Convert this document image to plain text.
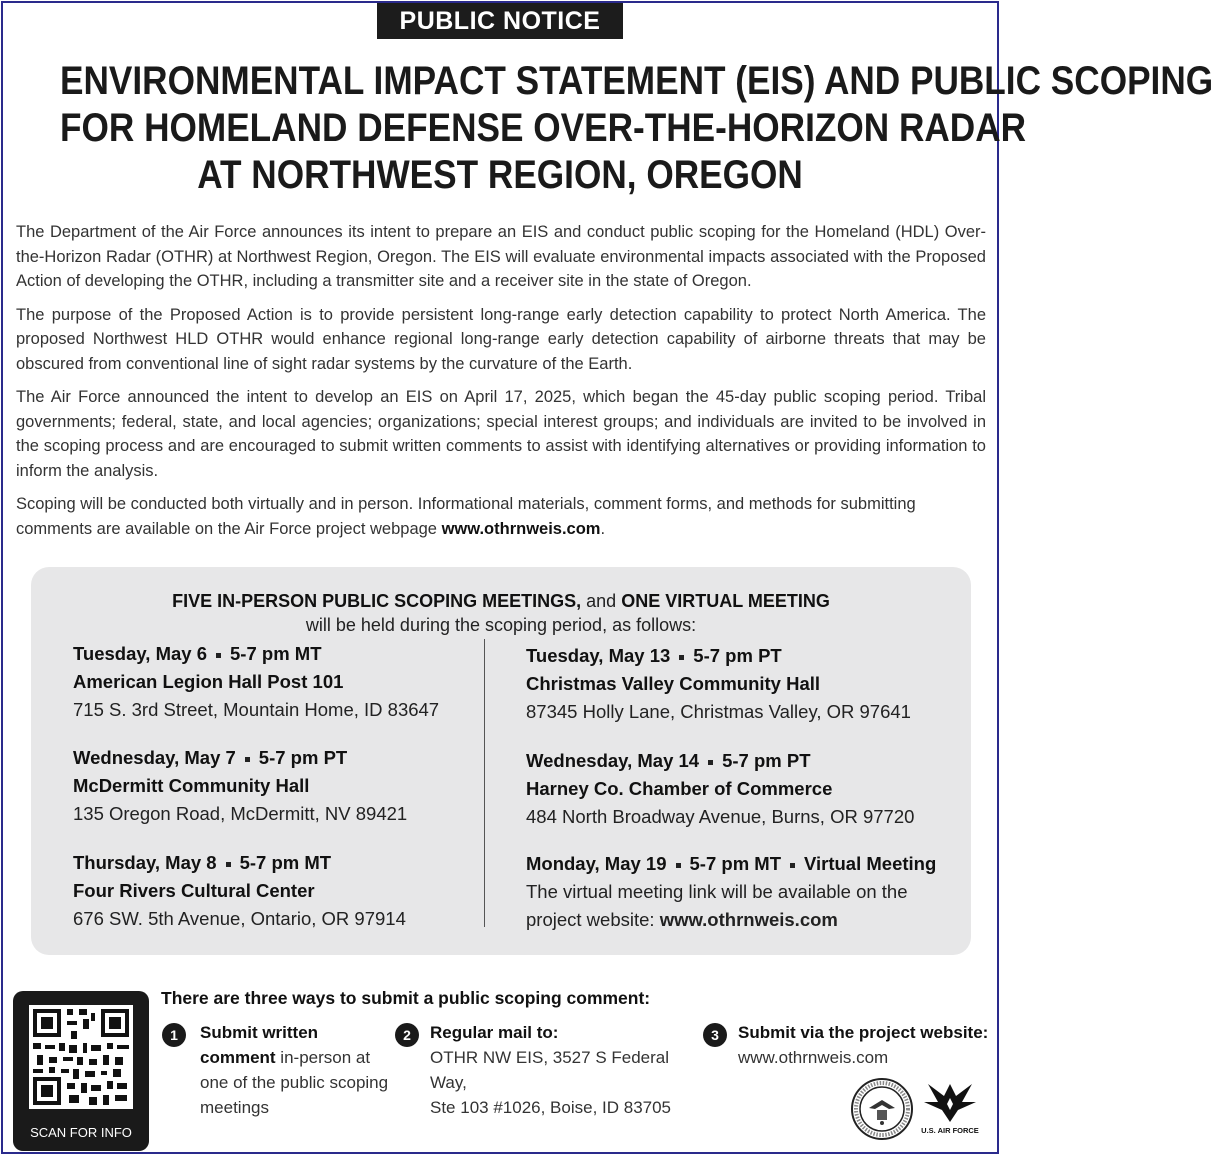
PUBLIC NOTICE
ENVIRONMENTAL IMPACT STATEMENT (EIS) AND PUBLIC SCOPING
FOR HOMELAND DEFENSE OVER-THE-HORIZON RADAR
AT NORTHWEST REGION, OREGON

The Department of the Air Force announces its intent to prepare an EIS and conduct public scoping for the Homeland (HDL) Over-the-Horizon Radar (OTHR) at Northwest Region, Oregon. The EIS will evaluate environmental impacts associated with the Proposed Action of developing the OTHR, including a transmitter site and a receiver site in the state of Oregon.

The purpose of the Proposed Action is to provide persistent long-range early detection capability to protect North America. The proposed Northwest HLD OTHR would enhance regional long-range early detection capability of airborne threats that may be obscured from conventional line of sight radar systems by the curvature of the Earth.

The Air Force announced the intent to develop an EIS on April 17, 2025, which began the 45-day public scoping period. Tribal governments; federal, state, and local agencies; organizations; special interest groups; and individuals are invited to be involved in the scoping process and are encouraged to submit written comments to assist with identifying alternatives or providing information to inform the analysis.

Scoping will be conducted both virtually and in person. Informational materials, comment forms, and methods for submitting comments are available on the Air Force project webpage www.othrnweis.com.

FIVE IN-PERSON PUBLIC SCOPING MEETINGS, and ONE VIRTUAL MEETING
will be held during the scoping period, as follows:
Tuesday, May 6 5-7 pm MT
American Legion Hall Post 101
715 S. 3rd Street, Mountain Home, ID 83647
Wednesday, May 7 5-7 pm PT
McDermitt Community Hall
135 Oregon Road, McDermitt, NV 89421
Thursday, May 8 5-7 pm MT
Four Rivers Cultural Center
676 SW. 5th Avenue, Ontario, OR 97914
Tuesday, May 13 5-7 pm PT
Christmas Valley Community Hall
87345 Holly Lane, Christmas Valley, OR 97641
Wednesday, May 14 5-7 pm PT
Harney Co. Chamber of Commerce
484 North Broadway Avenue, Burns, OR 97720
Monday, May 19 5-7 pm MT Virtual Meeting
The virtual meeting link will be available on the
project website: www.othrnweis.com
There are three ways to submit a public scoping comment:
SCAN FOR INFO
1	Submit written comment in-person at one of the public scoping meetings
2	Regular mail to:
OTHR NW EIS, 3527 S Federal Way,
Ste 103 #1026, Boise, ID 83705
3	Submit via the project website:
www.othrnweis.com
U.S. AIR FORCE
